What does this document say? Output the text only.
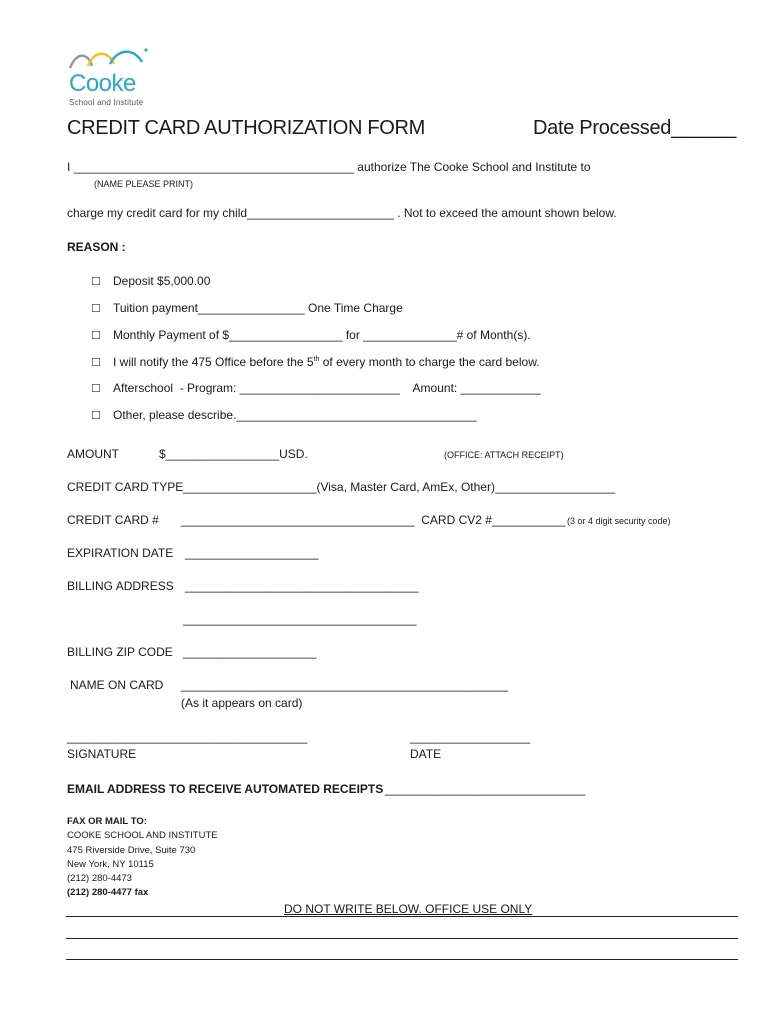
Cooke
School and Institute
CREDIT CARD AUTHORIZATION FORM	Date Processed______
I __________________________________________ authorize The Cooke School and Institute to
(NAME PLEASE PRINT)
charge my credit card for my child______________________ . Not to exceed the amount shown below.
REASON :
☐ Deposit $5,000.00
☐ Tuition payment________________ One Time Charge
☐ Monthly Payment of $_________________ for ______________# of Month(s).
☐ I will notify the 475 Office before the 5th of every month to charge the card below.
☐ Afterschool  - Program: ________________________    Amount: ____________
☐ Other, please describe.____________________________________
AMOUNT	$_________________USD.	(OFFICE: ATTACH RECEIPT)
CREDIT CARD TYPE ____________________(Visa, Master Card, AmEx, Other)__________________
CREDIT CARD # ___________________________________  CARD CV2 #___________ (3 or 4 digit security code)
EXPIRATION DATE ____________________
BILLING ADDRESS ___________________________________
___________________________________
BILLING ZIP CODE ____________________
NAME ON CARD _________________________________________________
(As it appears on card)
____________________________________
SIGNATURE
__________________
DATE
EMAIL ADDRESS TO RECEIVE AUTOMATED RECEIPTS ______________________________
FAX OR MAIL TO:
COOKE SCHOOL AND INSTITUTE
475 Riverside Drive, Suite 730
New York, NY 10115
(212) 280-4473
(212) 280-4477 fax
DO NOT WRITE BELOW. OFFICE USE ONLY
